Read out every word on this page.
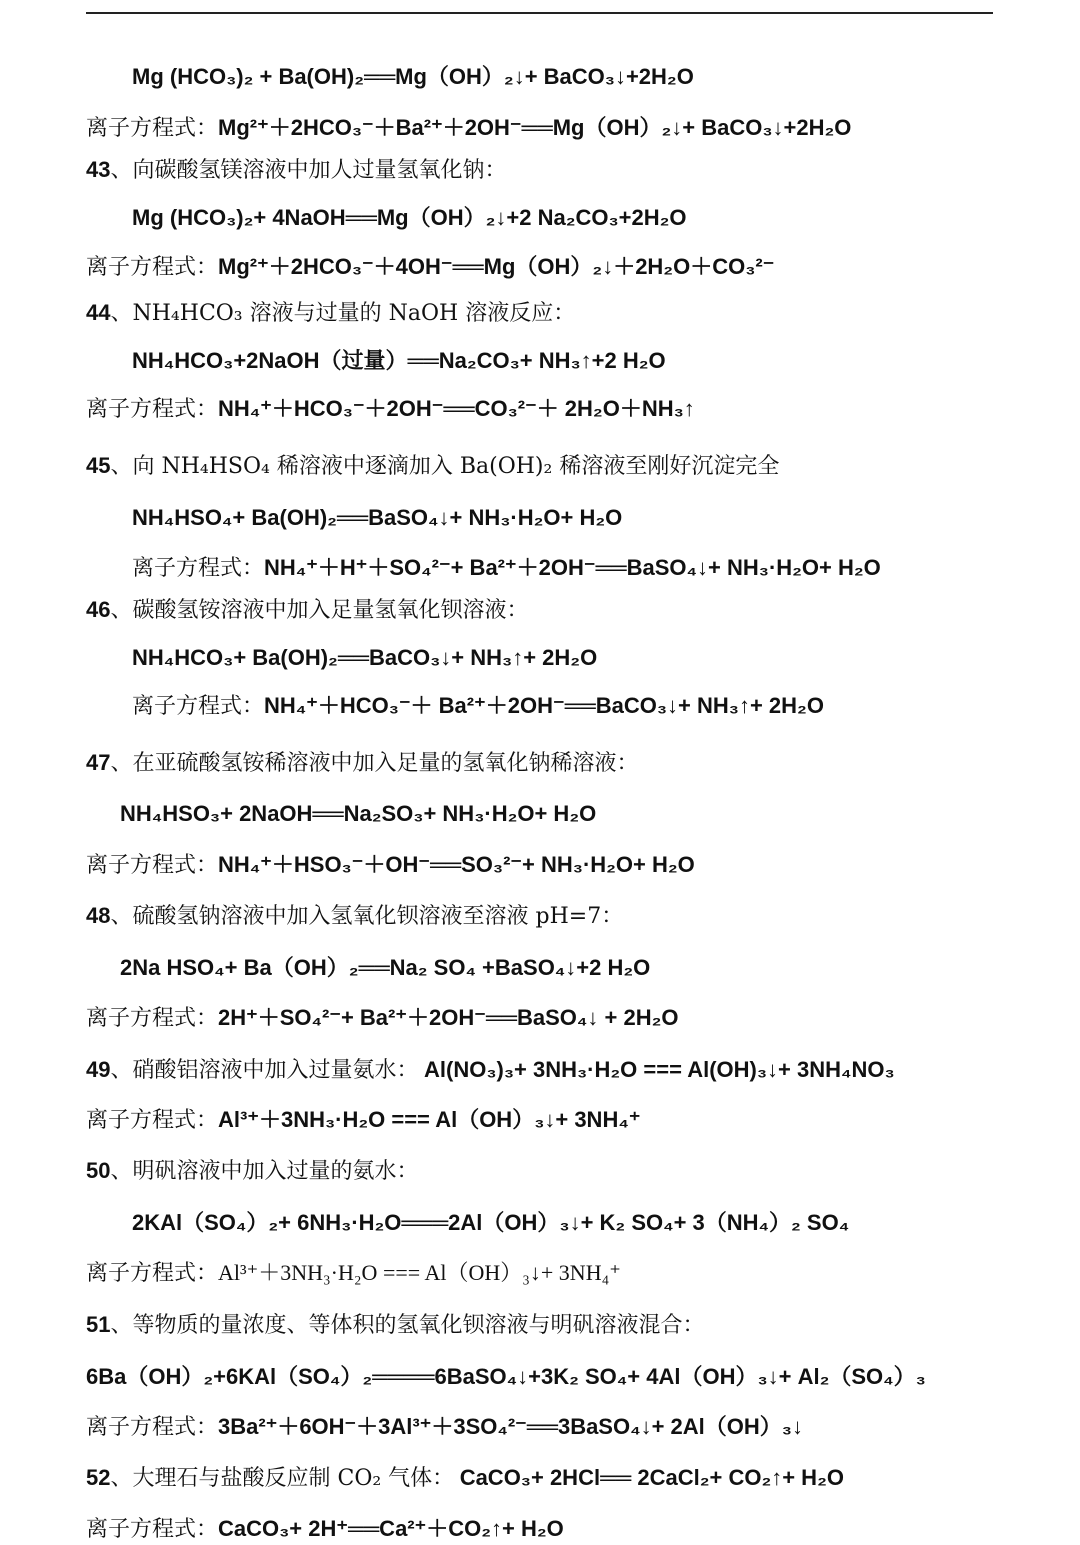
Mg (HCO₃)₂ + Ba(OH)₂══Mg（OH）₂↓+ BaCO₃↓+2H₂O
离子方程式：Mg²⁺＋2HCO₃⁻＋Ba²⁺＋2OH⁻══Mg（OH）₂↓+ BaCO₃↓+2H₂O
43、向碳酸氢镁溶液中加人过量氢氧化钠：
Mg (HCO₃)₂+ 4NaOH══Mg（OH）₂↓+2 Na₂CO₃+2H₂O
离子方程式：Mg²⁺＋2HCO₃⁻＋4OH⁻══Mg（OH）₂↓＋2H₂O＋CO₃²⁻
44、NH₄HCO₃ 溶液与过量的 NaOH 溶液反应：
NH₄HCO₃+2NaOH（过量）══Na₂CO₃+ NH₃↑+2 H₂O
离子方程式：NH₄⁺＋HCO₃⁻＋2OH⁻══CO₃²⁻＋ 2H₂O＋NH₃↑
45、向 NH₄HSO₄ 稀溶液中逐滴加入 Ba(OH)₂ 稀溶液至刚好沉淀完全
NH₄HSO₄+ Ba(OH)₂══BaSO₄↓+ NH₃·H₂O+ H₂O
离子方程式：NH₄⁺＋H⁺＋SO₄²⁻+ Ba²⁺＋2OH⁻══BaSO₄↓+ NH₃·H₂O+ H₂O
46、碳酸氢铵溶液中加入足量氢氧化钡溶液：
NH₄HCO₃+ Ba(OH)₂══BaCO₃↓+ NH₃↑+ 2H₂O
离子方程式：NH₄⁺＋HCO₃⁻＋ Ba²⁺＋2OH⁻══BaCO₃↓+ NH₃↑+ 2H₂O
47、在亚硫酸氢铵稀溶液中加入足量的氢氧化钠稀溶液：
NH₄HSO₃+ 2NaOH══Na₂SO₃+ NH₃·H₂O+ H₂O
离子方程式：NH₄⁺＋HSO₃⁻＋OH⁻══SO₃²⁻+ NH₃·H₂O+ H₂O
48、硫酸氢钠溶液中加入氢氧化钡溶液至溶液 pH=7：
2Na HSO₄+ Ba（OH）₂══Na₂ SO₄ +BaSO₄↓+2 H₂O
离子方程式：2H⁺＋SO₄²⁻+ Ba²⁺＋2OH⁻══BaSO₄↓ + 2H₂O
49、硝酸铝溶液中加入过量氨水： Al(NO₃)₃+ 3NH₃·H₂O === Al(OH)₃↓+ 3NH₄NO₃
离子方程式：Al³⁺＋3NH₃·H₂O === Al（OH）₃↓+ 3NH₄⁺
50、明矾溶液中加入过量的氨水：
2KAl（SO₄）₂+ 6NH₃·H₂O═══2Al（OH）₃↓+ K₂ SO₄+ 3（NH₄）₂ SO₄
离子方程式：Al³⁺＋3NH₃·H₂O === Al（OH）₃↓+ 3NH₄⁺
51、等物质的量浓度、等体积的氢氧化钡溶液与明矾溶液混合：
6Ba（OH）₂+6KAl（SO₄）₂════6BaSO₄↓+3K₂ SO₄+ 4Al（OH）₃↓+ Al₂（SO₄）₃
离子方程式：3Ba²⁺＋6OH⁻＋3Al³⁺＋3SO₄²⁻══3BaSO₄↓+ 2Al（OH）₃↓
52、大理石与盐酸反应制 CO₂ 气体： CaCO₃+ 2HCl══ 2CaCl₂+ CO₂↑+ H₂O
离子方程式：CaCO₃+ 2H⁺══Ca²⁺＋CO₂↑+ H₂O
